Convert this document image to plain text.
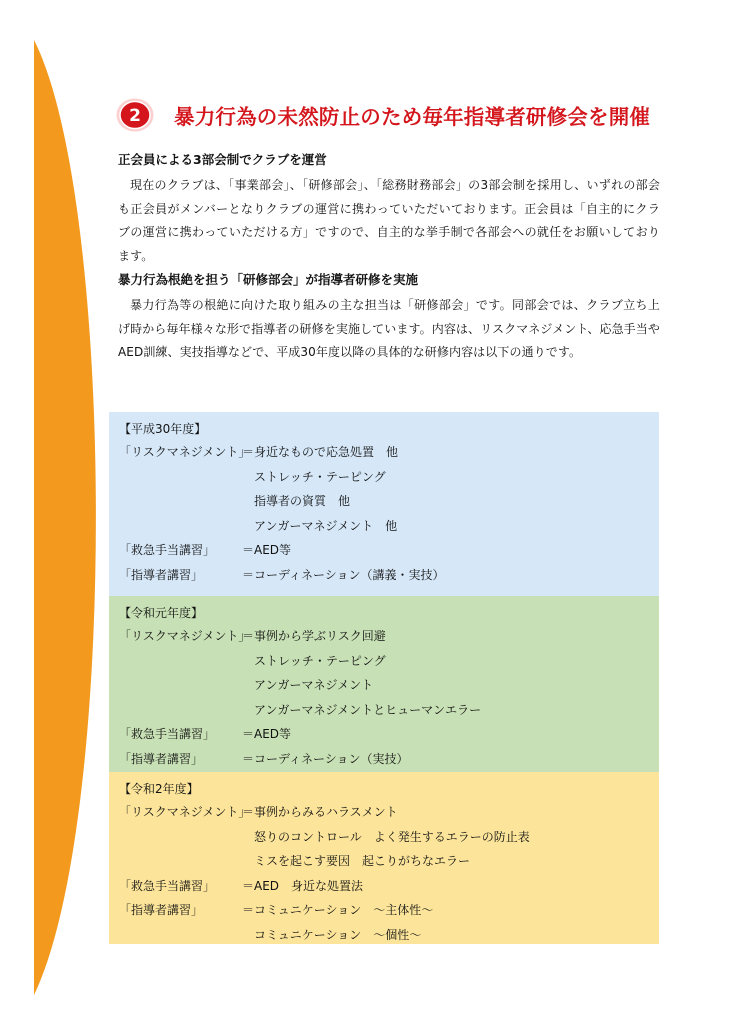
2 暴力行為の未然防止のため毎年指導者研修会を開催

正会員による3部会制でクラブを運営

現在のクラブは、「事業部会」、「研修部会」、「総務財務部会」の3部会制を採用し、いずれの部会も正会員がメンバーとなりクラブの運営に携わっていただいております。正会員は「自主的にクラブの運営に携わっていただける方」ですので、自主的な挙手制で各部会への就任をお願いしております。

暴力行為根絶を担う「研修部会」が指導者研修を実施

暴力行為等の根絶に向けた取り組みの主な担当は「研修部会」です。同部会では、クラブ立ち上げ時から毎年様々な形で指導者の研修を実施しています。内容は、リスクマネジメント、応急手当やAED訓練、実技指導などで、平成30年度以降の具体的な研修内容は以下の通りです。

【平成30年度】
「リスクマネジメント」
＝身近なもので応急処置　他
ストレッチ・テーピング
指導者の資質　他
アンガーマネジメント　他
「救急手当講習」	＝AED等
「指導者講習」	＝コーディネーション（講義・実技）
【令和元年度】
「リスクマネジメント」
＝事例から学ぶリスク回避
ストレッチ・テーピング
アンガーマネジメント
アンガーマネジメントとヒューマンエラー
「救急手当講習」	＝AED等
「指導者講習」	＝コーディネーション（実技）
【令和2年度】
「リスクマネジメント」
＝事例からみるハラスメント
怒りのコントロール　よく発生するエラーの防止表
ミスを起こす要因　起こりがちなエラー
「救急手当講習」	＝AED　身近な処置法
「指導者講習」	＝コミュニケーション　～主体性～
コミュニケーション　～個性～
